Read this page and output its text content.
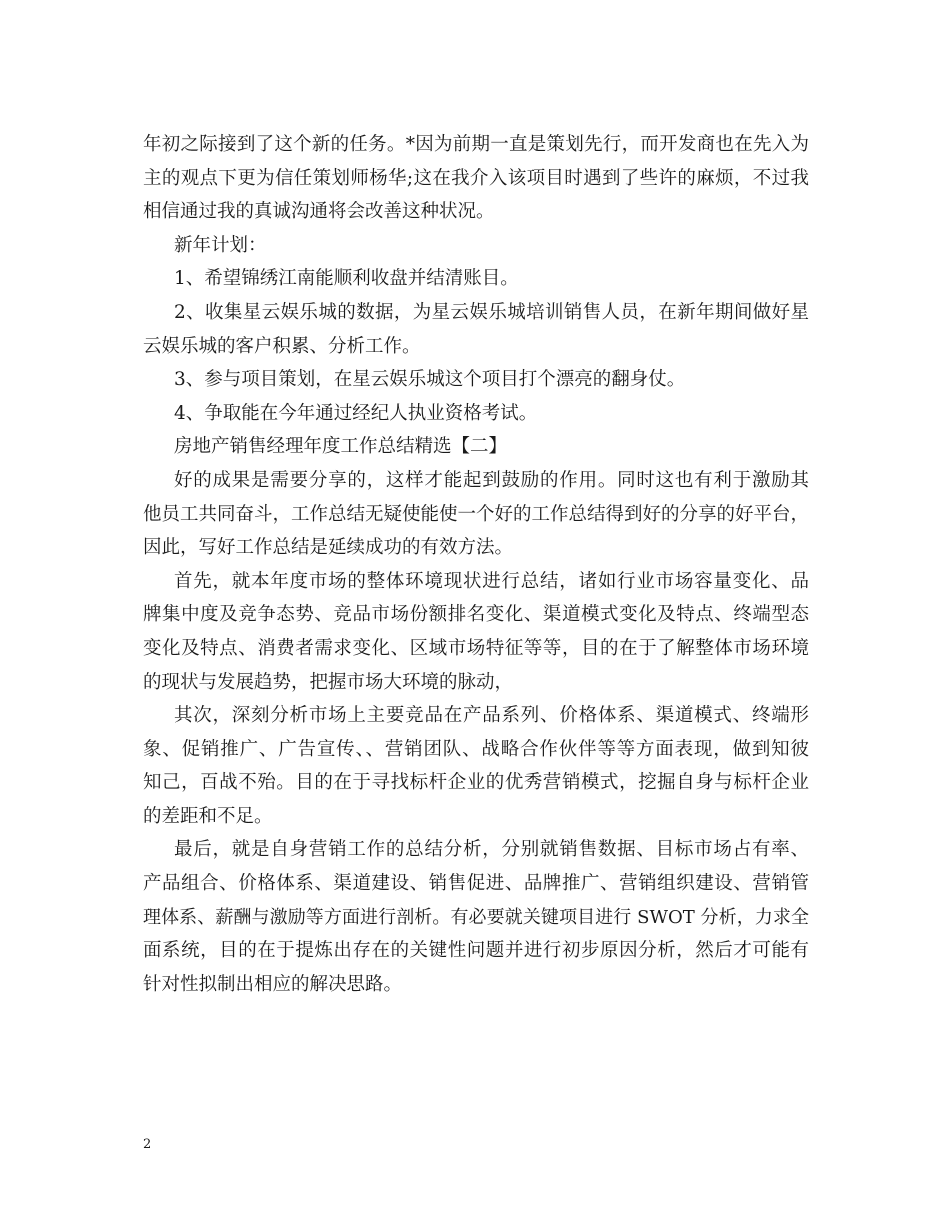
年初之际接到了这个新的任务。*因为前期一直是策划先行，而开发商也在先入为
主的观点下更为信任策划师杨华;这在我介入该项目时遇到了些许的麻烦，不过我
相信通过我的真诚沟通将会改善这种状况。
新年计划：
1、希望锦绣江南能顺利收盘并结清账目。
2、收集星云娱乐城的数据，为星云娱乐城培训销售人员，在新年期间做好星
云娱乐城的客户积累、分析工作。
3、参与项目策划，在星云娱乐城这个项目打个漂亮的翻身仗。
4、争取能在今年通过经纪人执业资格考试。
房地产销售经理年度工作总结精选【二】
好的成果是需要分享的，这样才能起到鼓励的作用。同时这也有利于激励其
他员工共同奋斗，工作总结无疑使能使一个好的工作总结得到好的分享的好平台，
因此，写好工作总结是延续成功的有效方法。
首先，就本年度市场的整体环境现状进行总结，诸如行业市场容量变化、品
牌集中度及竞争态势、竞品市场份额排名变化、渠道模式变化及特点、终端型态
变化及特点、消费者需求变化、区域市场特征等等，目的在于了解整体市场环境
的现状与发展趋势，把握市场大环境的脉动，
其次，深刻分析市场上主要竞品在产品系列、价格体系、渠道模式、终端形
象、促销推广、广告宣传、、营销团队、战略合作伙伴等等方面表现，做到知彼
知己，百战不殆。目的在于寻找标杆企业的优秀营销模式，挖掘自身与标杆企业
的差距和不足。
最后，就是自身营销工作的总结分析，分别就销售数据、目标市场占有率、
产品组合、价格体系、渠道建设、销售促进、品牌推广、营销组织建设、营销管
理体系、薪酬与激励等方面进行剖析。有必要就关键项目进行 SWOT 分析，力求全
面系统，目的在于提炼出存在的关键性问题并进行初步原因分析，然后才可能有
针对性拟制出相应的解决思路。
2
